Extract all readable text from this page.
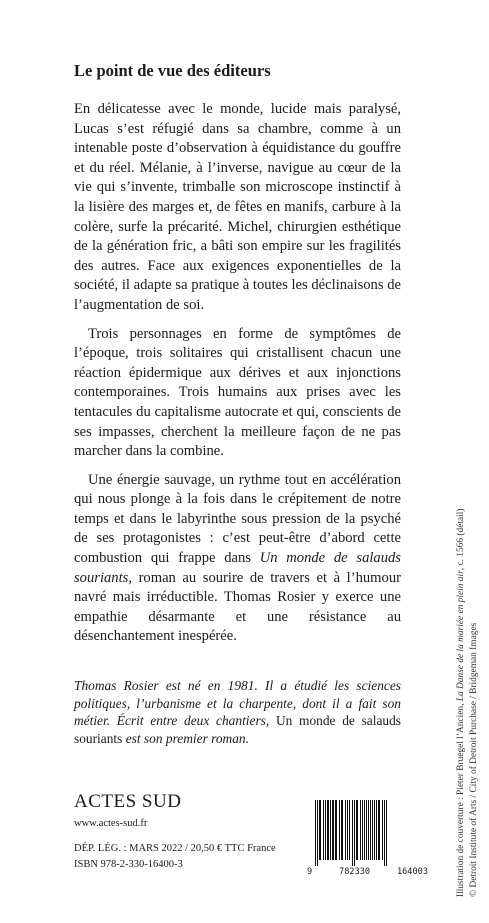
Le point de vue des éditeurs

En délicatesse avec le monde, lucide mais paralysé, Lucas s’est réfugié dans sa chambre, comme à un intenable poste d’observation à équidistance du gouffre et du réel. Mélanie, à l’inverse, navigue au cœur de la vie qui s’invente, trimballe son microscope instinctif à la lisière des marges et, de fêtes en manifs, carbure à la colère, surfe la précarité. Michel, chirurgien esthétique de la génération fric, a bâti son empire sur les fragilités des autres. Face aux exigences exponentielles de la société, il adapte sa pratique à toutes les déclinaisons de l’augmentation de soi.

Trois personnages en forme de symptômes de l’époque, trois solitaires qui cristallisent chacun une réaction épidermique aux dérives et aux injonctions contemporaines. Trois humains aux prises avec les tentacules du capitalisme autocrate et qui, conscients de ses impasses, cherchent la meilleure façon de ne pas marcher dans la combine.

Une énergie sauvage, un rythme tout en accélération qui nous plonge à la fois dans le crépitement de notre temps et dans le labyrinthe sous pression de la psyché de ses protagonistes : c’est peut-être d’abord cette combustion qui frappe dans Un monde de salauds souriants, roman au sourire de travers et à l’humour navré mais irréductible. Thomas Rosier y exerce une empathie désarmante et une résistance au désenchantement inespérée.

Thomas Rosier est né en 1981. Il a étudié les sciences politiques, l’urbanisme et la charpente, dont il a fait son métier. Écrit entre deux chantiers, Un monde de salauds souriants est son premier roman.

ACTES SUD

www.actes-sud.fr

DÉP. LÉG. : MARS 2022 / 20,50 € TTC France
ISBN 978-2-330-16400-3

9	782330	164003	Illustration de couverture : Pieter Bruegel l’Ancien, La Danse de la mariée en plein air, c. 1566 (détail)
© Detroit Institute of Arts / City of Detroit Purchase / Bridgeman Images
